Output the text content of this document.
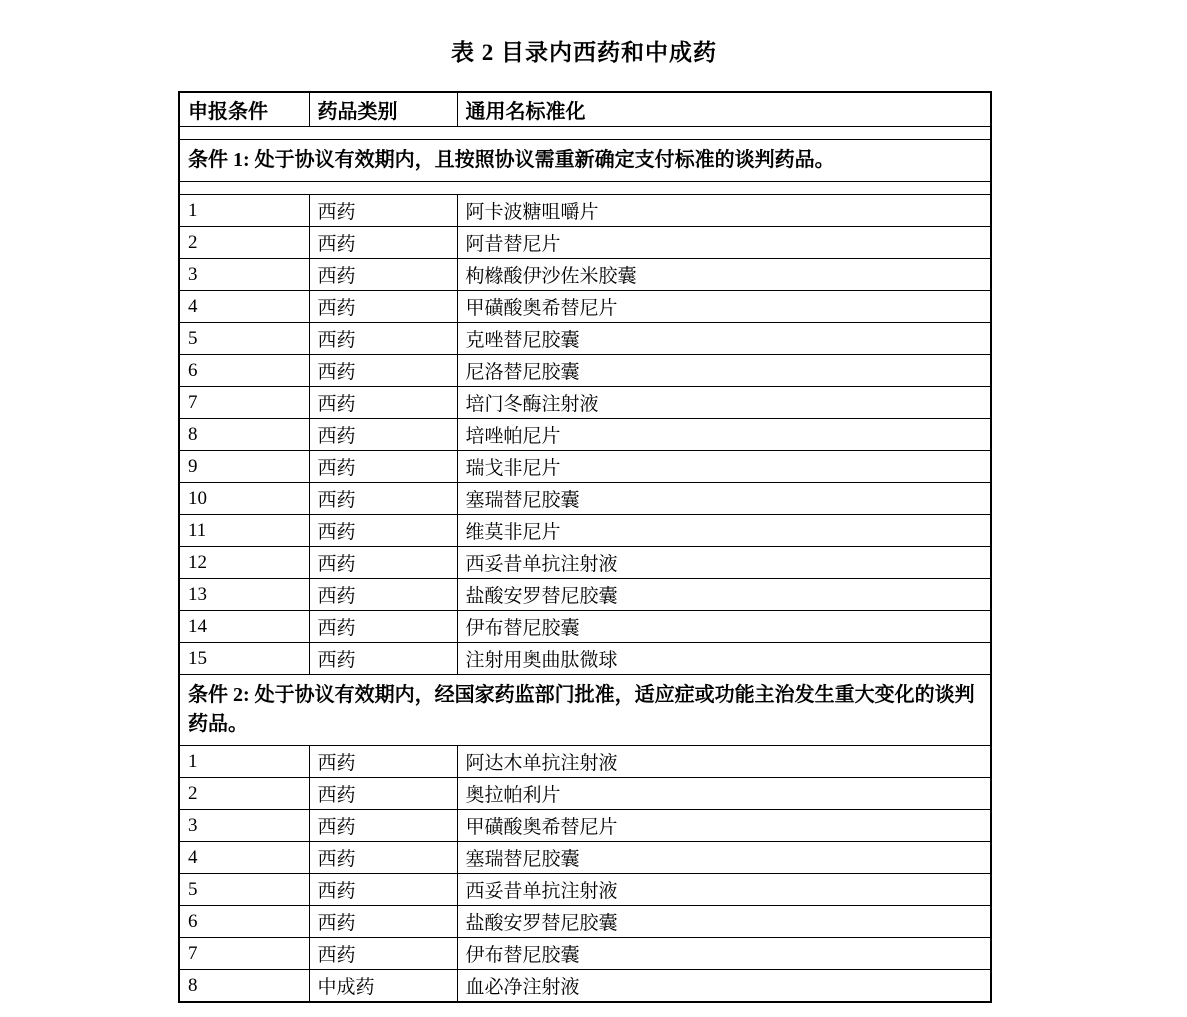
表 2 目录内西药和中成药
申报条件	药品类别	通用名标准化

条件 1: 处于协议有效期内，且按照协议需重新确定支付标准的谈判药品。		

1	西药	阿卡波糖咀嚼片
2	西药	阿昔替尼片
3	西药	枸橼酸伊沙佐米胶囊
4	西药	甲磺酸奥希替尼片
5	西药	克唑替尼胶囊
6	西药	尼洛替尼胶囊
7	西药	培门冬酶注射液
8	西药	培唑帕尼片
9	西药	瑞戈非尼片
10	西药	塞瑞替尼胶囊
11	西药	维莫非尼片
12	西药	西妥昔单抗注射液
13	西药	盐酸安罗替尼胶囊
14	西药	伊布替尼胶囊
15	西药	注射用奥曲肽微球
条件 2: 处于协议有效期内，经国家药监部门批准，适应症或功能主治发生重大变化的谈判药品。		
1	西药	阿达木单抗注射液
2	西药	奥拉帕利片
3	西药	甲磺酸奥希替尼片
4	西药	塞瑞替尼胶囊
5	西药	西妥昔单抗注射液
6	西药	盐酸安罗替尼胶囊
7	西药	伊布替尼胶囊
8	中成药	血必净注射液
